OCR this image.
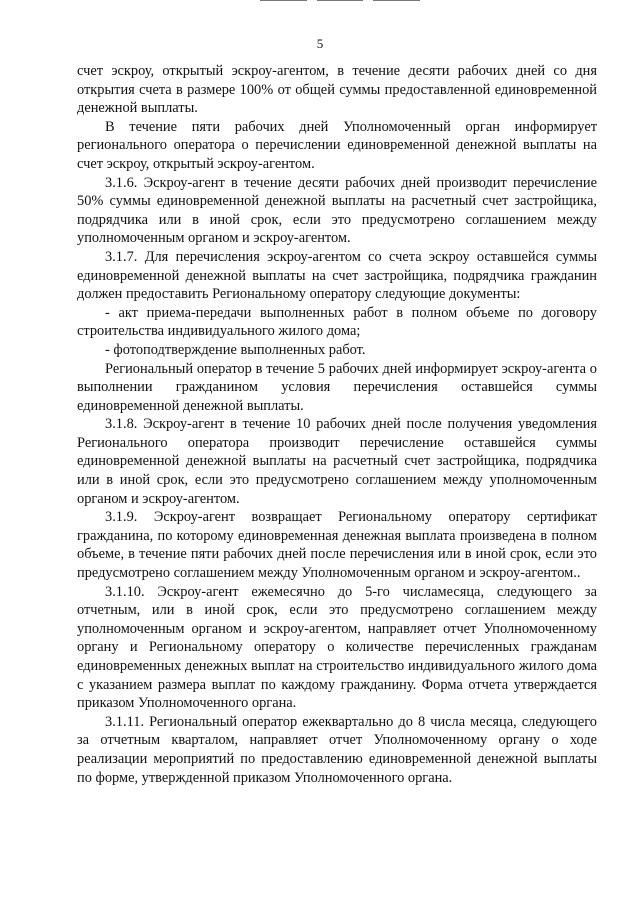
5

счет эскроу, открытый эскроу-агентом, в течение десяти рабочих дней со дня открытия счета в размере 100% от общей суммы предоставленной единовременной денежной выплаты.

В течение пяти рабочих дней Уполномоченный орган информирует регионального оператора о перечислении единовременной денежной выплаты на счет эскроу, открытый эскроу-агентом.

3.1.6. Эскроу-агент в течение десяти рабочих дней производит перечисление 50% суммы единовременной денежной выплаты на расчетный счет застройщика, подрядчика или в иной срок, если это предусмотрено соглашением между уполномоченным органом и эскроу-агентом.

3.1.7. Для перечисления эскроу-агентом со счета эскроу оставшейся суммы единовременной денежной выплаты на счет застройщика, подрядчика гражданин должен предоставить Региональному оператору следующие документы:

- акт приема-передачи выполненных работ в полном объеме по договору строительства индивидуального жилого дома;

- фотоподтверждение выполненных работ.

Региональный оператор в течение 5 рабочих дней информирует эскроу-агента о выполнении гражданином условия перечисления оставшейся суммы единовременной денежной выплаты.

3.1.8. Эскроу-агент в течение 10 рабочих дней после получения уведомления Регионального оператора производит перечисление оставшейся суммы единовременной денежной выплаты на расчетный счет застройщика, подрядчика или в иной срок, если это предусмотрено соглашением между уполномоченным органом и эскроу-агентом.

3.1.9. Эскроу-агент возвращает Региональному оператору сертификат гражданина, по которому единовременная денежная выплата произведена в полном объеме, в течение пяти рабочих дней после перечисления или в иной срок, если это предусмотрено соглашением между Уполномоченным органом и эскроу-агентом..

3.1.10. Эскроу-агент ежемесячно до 5-го числамесяца, следующего за отчетным, или в иной срок, если это предусмотрено соглашением между уполномоченным органом и эскроу-агентом, направляет отчет Уполномоченному органу и Региональному оператору о количестве перечисленных гражданам единовременных денежных выплат на строительство индивидуального жилого дома с указанием размера выплат по каждому гражданину. Форма отчета утверждается приказом Уполномоченного органа.

3.1.11. Региональный оператор ежеквартально до 8 числа месяца, следующего за отчетным кварталом, направляет отчет Уполномоченному органу о ходе реализации мероприятий по предоставлению единовременной денежной выплаты по форме, утвержденной приказом Уполномоченного органа.
